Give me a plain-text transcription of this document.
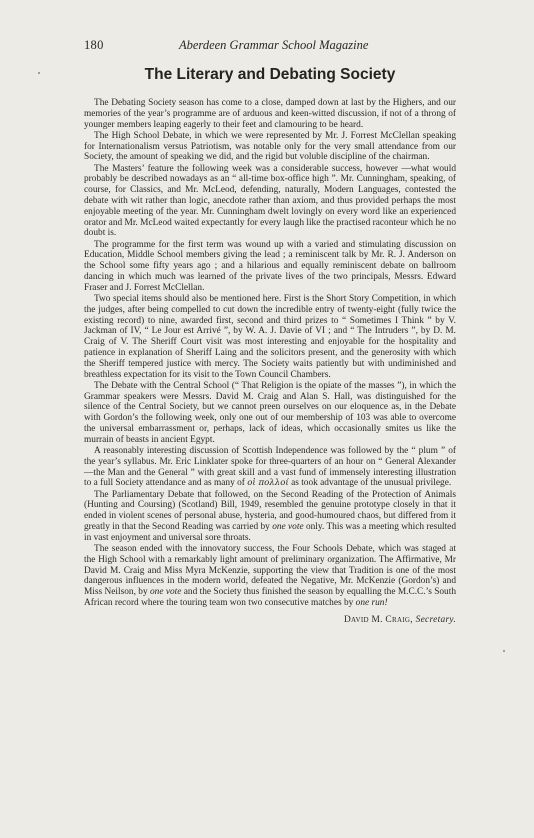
180	Aberdeen Grammar School Magazine
The Literary and Debating Society

The Debating Society season has come to a close, damped down at last by the Highers, and our memories of the year’s programme are of arduous and keen-witted discussion, if not of a throng of younger members leaping eagerly to their feet and clamouring to be heard.

The High School Debate, in which we were represented by Mr. J. Forrest McClellan speaking for Internationalism versus Patriotism, was notable only for the very small attendance from our Society, the amount of speaking we did, and the rigid but voluble discipline of the chairman.

The Masters’ feature the following week was a considerable success, however —what would probably be described nowadays as an “ all-time box-office high ”. Mr. Cunningham, speaking, of course, for Classics, and Mr. McLeod, defending, naturally, Modern Languages, contested the debate with wit rather than logic, anecdote rather than axiom, and thus provided perhaps the most enjoyable meeting of the year. Mr. Cunningham dwelt lovingly on every word like an experienced orator and Mr. McLeod waited expectantly for every laugh like the practised raconteur which he no doubt is.

The programme for the first term was wound up with a varied and stimulating discussion on Education, Middle School members giving the lead ; a reminiscent talk by Mr. R. J. Anderson on the School some fifty years ago ; and a hilarious and equally reminiscent debate on ballroom dancing in which much was learned of the private lives of the two principals, Messrs. Edward Fraser and J. Forrest McClellan.

Two special items should also be mentioned here. First is the Short Story Competition, in which the judges, after being compelled to cut down the incredible entry of twenty-eight (fully twice the existing record) to nine, awarded first, second and third prizes to “ Sometimes I Think ” by V. Jackman of IV, “ Le Jour est Arrivé ”, by W. A. J. Davie of VI ; and “ The Intruders ”, by D. M. Craig of V. The Sheriff Court visit was most interesting and enjoyable for the hospitality and patience in explanation of Sheriff Laing and the solicitors present, and the generosity with which the Sheriff tempered justice with mercy. The Society waits patiently but with undiminished and breathless expectation for its visit to the Town Council Chambers.

The Debate with the Central School (“ That Religion is the opiate of the masses ”), in which the Grammar speakers were Messrs. David M. Craig and Alan S. Hall, was distinguished for the silence of the Central Society, but we cannot preen ourselves on our eloquence as, in the Debate with Gordon’s the following week, only one out of our membership of 103 was able to overcome the universal embarrassment or, perhaps, lack of ideas, which occasionally smites us like the murrain of beasts in ancient Egypt.

A reasonably interesting discussion of Scottish Independence was followed by the “ plum ” of the year’s syllabus. Mr. Eric Linklater spoke for three-quarters of an hour on “ General Alexander—the Man and the General ” with great skill and a vast fund of immensely interesting illustration to a full Society attendance and as many of οἱ πολλοί as took advantage of the unusual privilege.

The Parliamentary Debate that followed, on the Second Reading of the Protection of Animals (Hunting and Coursing) (Scotland) Bill, 1949, resembled the genuine prototype closely in that it ended in violent scenes of personal abuse, hysteria, and good-humoured chaos, but differed from it greatly in that the Second Reading was carried by one vote only. This was a meeting which resulted in vast enjoyment and universal sore throats.

The season ended with the innovatory success, the Four Schools Debate, which was staged at the High School with a remarkably light amount of preliminary organization. The Affirmative, Mr David M. Craig and Miss Myra McKenzie, supporting the view that Tradition is one of the most dangerous influences in the modern world, defeated the Negative, Mr. McKenzie (Gordon’s) and Miss Neilson, by one vote and the Society thus finished the season by equalling the M.C.C.’s South African record where the touring team won two consecutive matches by one run!

David M. Craig, Secretary.
